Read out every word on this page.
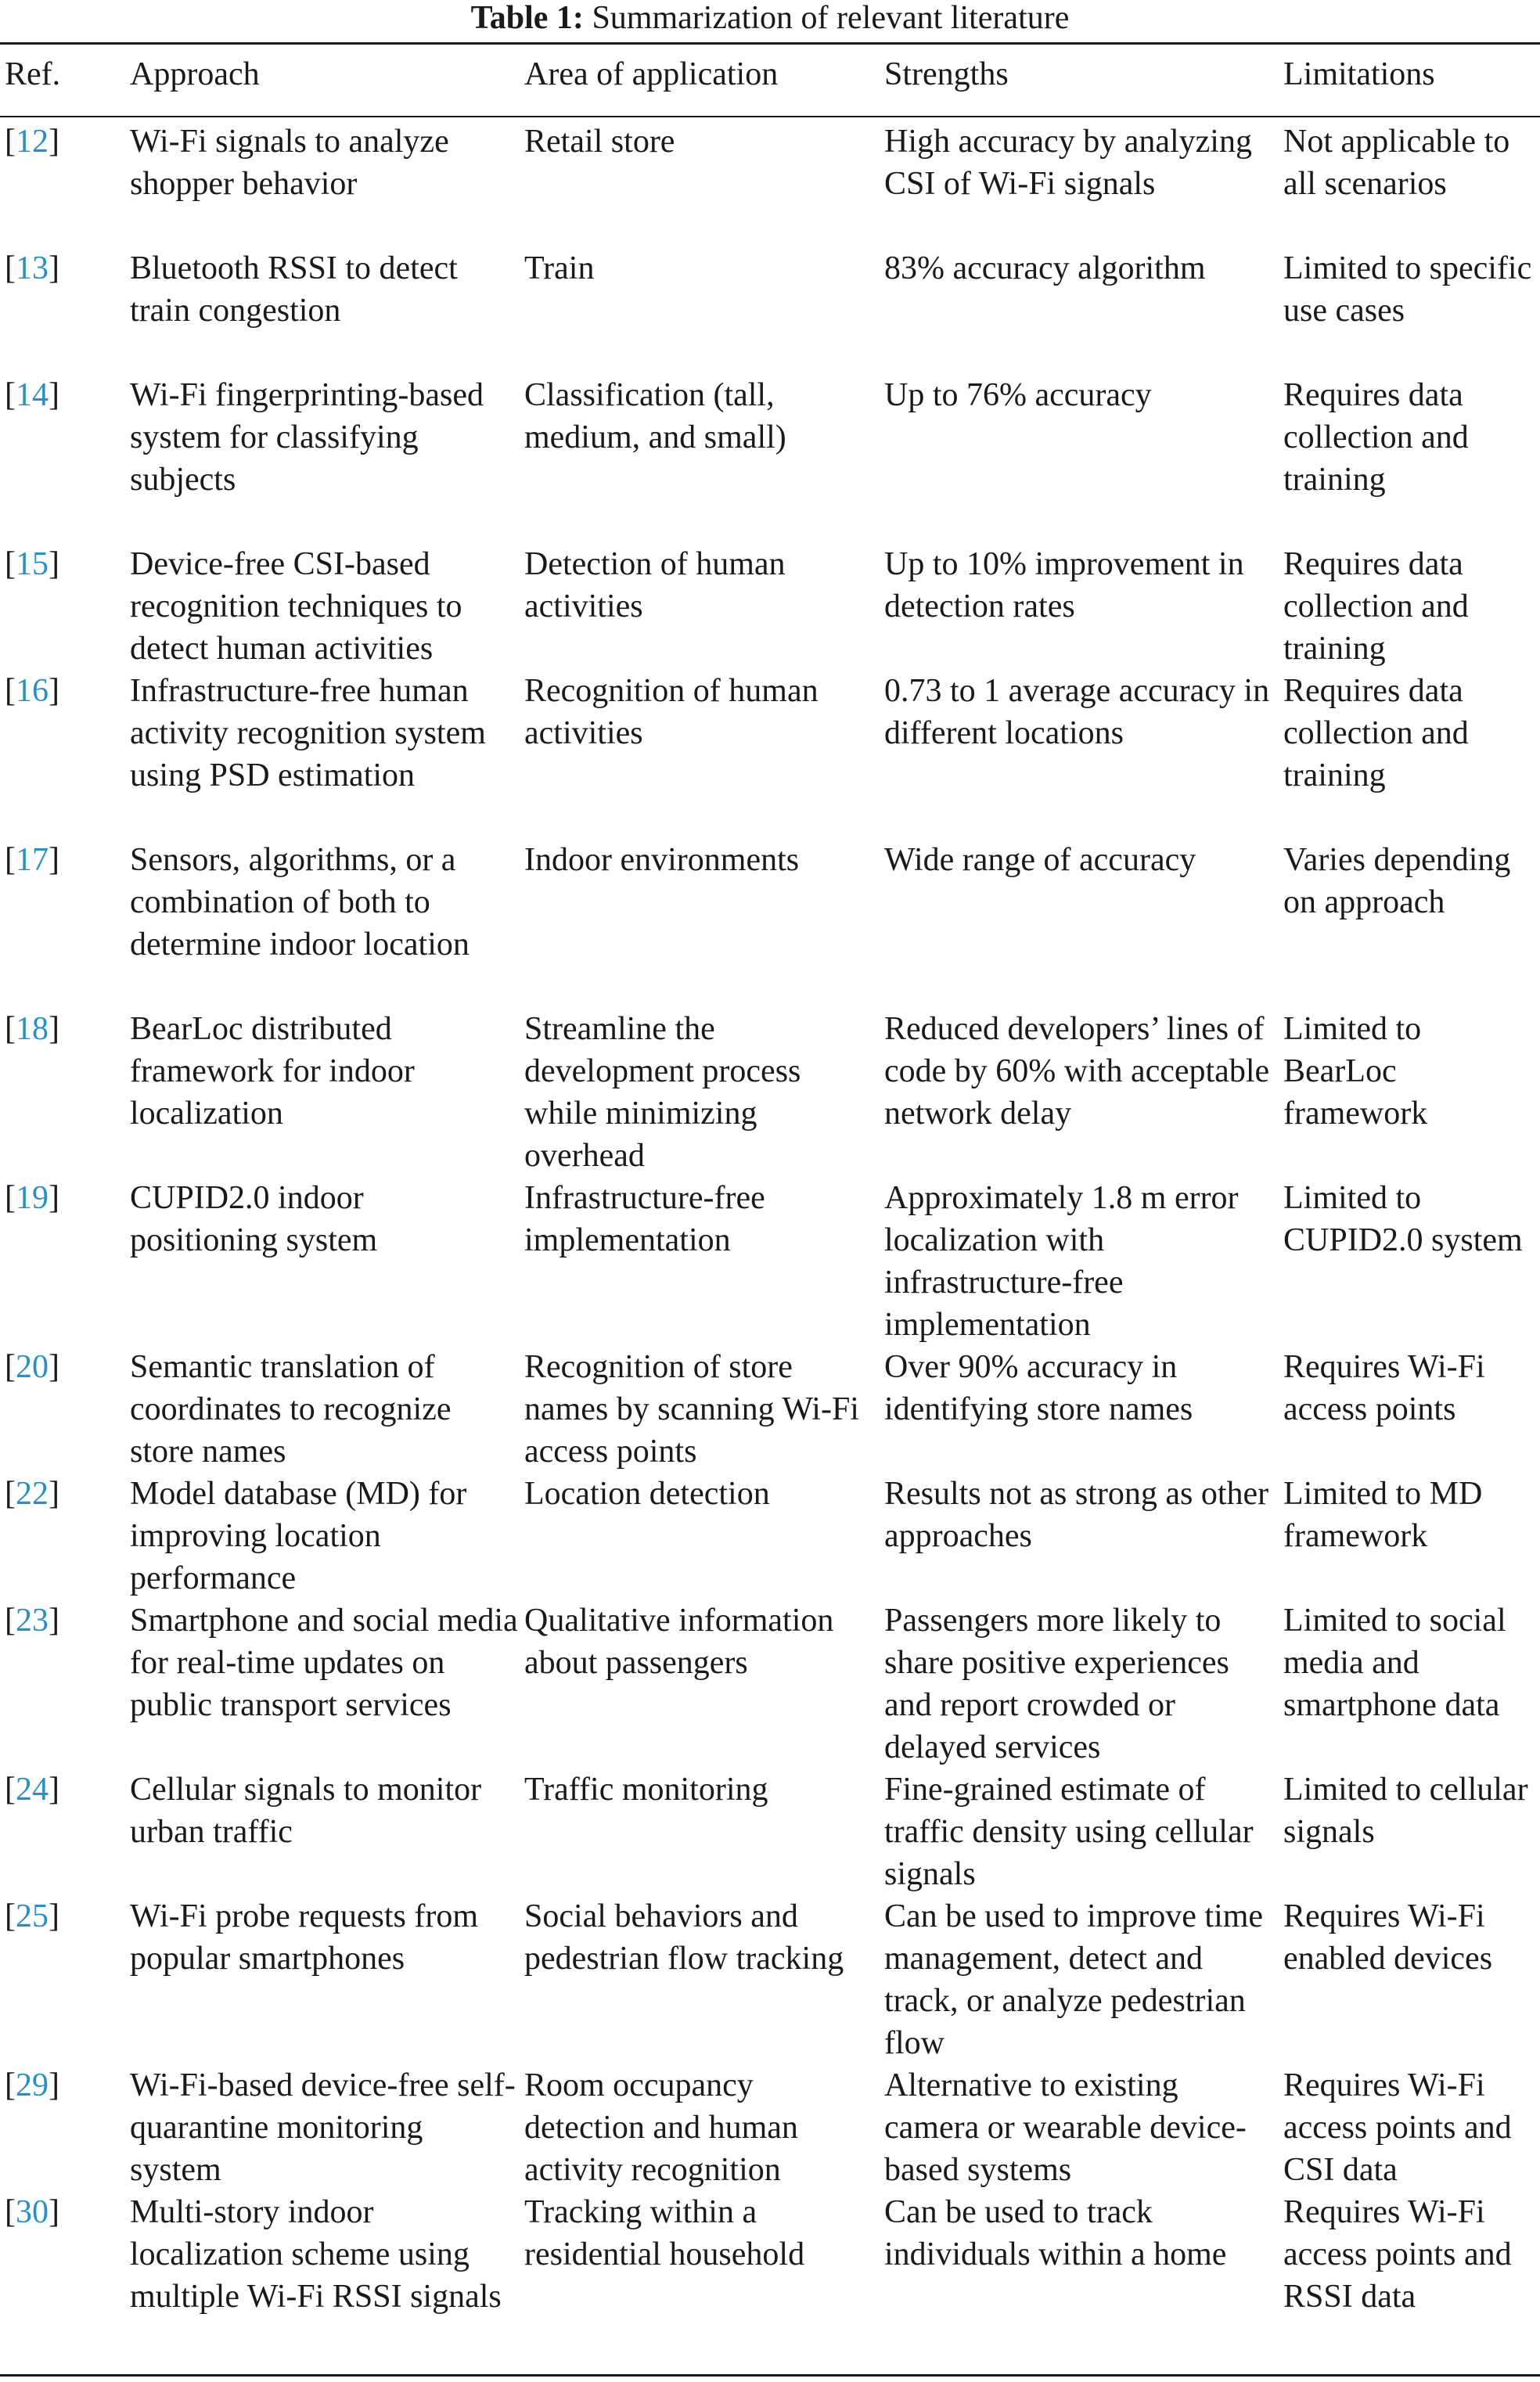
Table 1: Summarization of relevant literature
Ref.	Approach	Area of application	Strengths	Limitations
[12]	Wi-Fi signals to analyze shopper behavior	Retail store	High accuracy by analyzing CSI of Wi-Fi signals	Not applicable to all scenarios
[13]	Bluetooth RSSI to detect train congestion	Train	83% accuracy algorithm	Limited to specific use cases
[14]	Wi-Fi fingerprinting-based system for classifying subjects	Classification (tall, medium, and small)	Up to 76% accuracy	Requires data collection and training
[15]	Device-free CSI-based recognition techniques to detect human activities	Detection of human activities	Up to 10% improvement in detection rates	Requires data collection and training
[16]	Infrastructure-free human activity recognition system using PSD estimation	Recognition of human activities	0.73 to 1 average accuracy in different locations	Requires data collection and training
[17]	Sensors, algorithms, or a combination of both to determine indoor location	Indoor environments	Wide range of accuracy	Varies depending on approach
[18]	BearLoc distributed framework for indoor localization	Streamline the development process while minimizing overhead	Reduced developers’ lines of code by 60% with acceptable network delay	Limited to BearLoc framework
[19]	CUPID2.0 indoor positioning system	Infrastructure-free implementation	Approximately 1.8 m error localization with infrastructure-free implementation	Limited to CUPID2.0 system
[20]	Semantic translation of coordinates to recognize store names	Recognition of store names by scanning Wi-Fi access points	Over 90% accuracy in identifying store names	Requires Wi-Fi access points
[22]	Model database (MD) for improving location performance	Location detection	Results not as strong as other approaches	Limited to MD framework
[23]	Smartphone and social media for real-time updates on public transport services	Qualitative information about passengers	Passengers more likely to share positive experiences and report crowded or delayed services	Limited to social media and smartphone data
[24]	Cellular signals to monitor urban traffic	Traffic monitoring	Fine-grained estimate of traffic density using cellular signals	Limited to cellular signals
[25]	Wi-Fi probe requests from popular smartphones	Social behaviors and pedestrian flow tracking	Can be used to improve time management, detect and track, or analyze pedestrian flow	Requires Wi-Fi enabled devices
[29]	Wi-Fi-based device-free self-quarantine monitoring system	Room occupancy detection and human activity recognition	Alternative to existing camera or wearable device-based systems	Requires Wi-Fi access points and CSI data
[30]	Multi-story indoor localization scheme using multiple Wi-Fi RSSI signals	Tracking within a residential household	Can be used to track individuals within a home	Requires Wi-Fi access points and RSSI data
